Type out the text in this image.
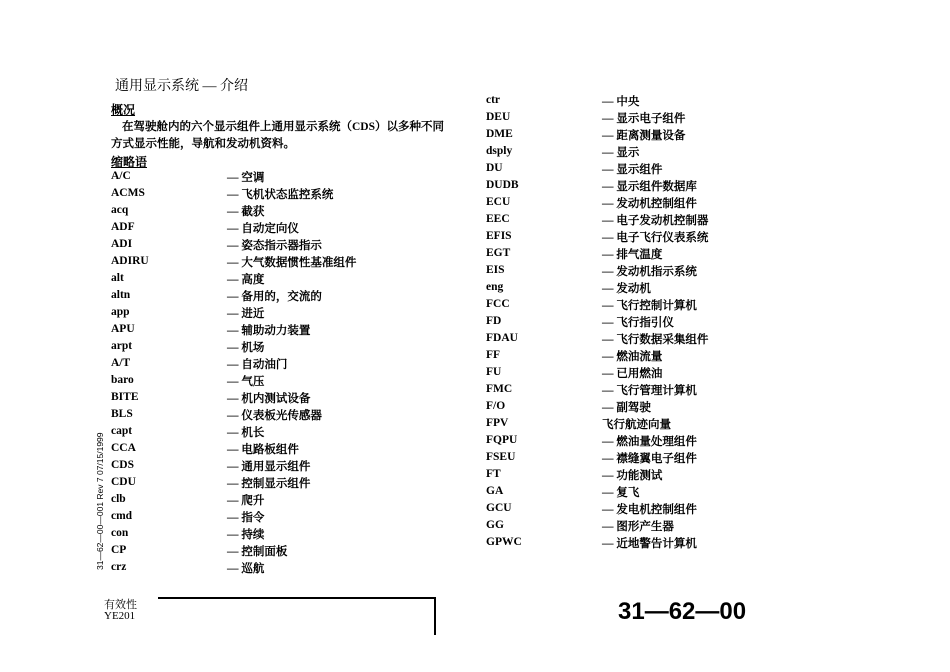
通用显示系统 — 介绍
概况
在驾驶舱内的六个显示组件上通用显示系统（CDS）以多种不同
方式显示性能，导航和发动机资料。
缩略语
A/C	— 空调
ACMS	— 飞机状态监控系统
acq	— 截获
ADF	— 自动定向仪
ADI	— 姿态指示器指示
ADIRU	— 大气数据惯性基准组件
alt	— 高度
altn	— 备用的，交流的
app	— 进近
APU	— 辅助动力装置
arpt	— 机场
A/T	— 自动油门
baro	— 气压
BITE	— 机内测试设备
BLS	— 仪表板光传感器
capt	— 机长
CCA	— 电路板组件
CDS	— 通用显示组件
CDU	— 控制显示组件
clb	— 爬升
cmd	— 指令
con	— 持续
CP	— 控制面板
crz	— 巡航
ctr	— 中央
DEU	— 显示电子组件
DME	— 距离测量设备
dsply	— 显示
DU	— 显示组件
DUDB	— 显示组件数据库
ECU	— 发动机控制组件
EEC	— 电子发动机控制器
EFIS	— 电子飞行仪表系统
EGT	— 排气温度
EIS	— 发动机指示系统
eng	— 发动机
FCC	— 飞行控制计算机
FD	— 飞行指引仪
FDAU	— 飞行数据采集组件
FF	— 燃油流量
FU	— 已用燃油
FMC	— 飞行管理计算机
F/O	— 副驾驶
FPV	飞行航迹向量
FQPU	— 燃油量处理组件
FSEU	— 襟缝翼电子组件
FT	— 功能测试
GA	— 复飞
GCU	— 发电机控制组件
GG	— 图形产生器
GPWC	— 近地警告计算机
31—62—00—001 Rev 7 07/15/1999
有效性
YE201	31—62—00
